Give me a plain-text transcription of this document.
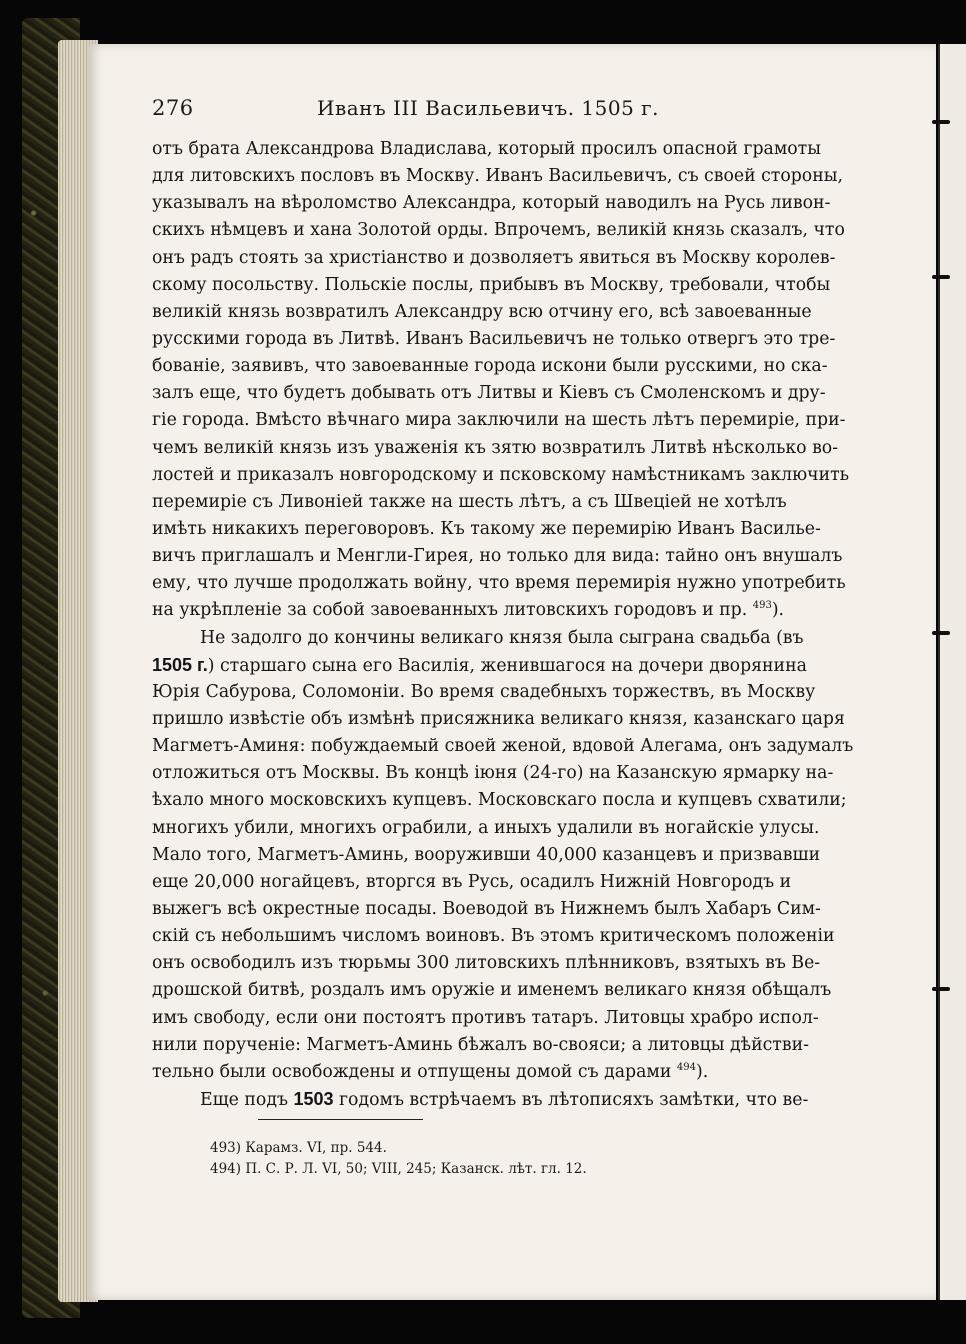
276	Иванъ III Васильевичъ. 1505 г.
отъ брата Александрова Владислава, который просилъ опасной грамоты
для литовскихъ пословъ въ Москву. Иванъ Васильевичъ, съ своей стороны,
указывалъ на вѣроломство Александра, который наводилъ на Русь ливон-
скихъ нѣмцевъ и хана Золотой орды. Впрочемъ, великій князь сказалъ, что
онъ радъ стоять за христіанство и дозволяетъ явиться въ Москву королев-
скому посольству. Польскіе послы, прибывъ въ Москву, требовали, чтобы
великій князь возвратилъ Александру всю отчину его, всѣ завоеванные
русскими города въ Литвѣ. Иванъ Васильевичъ не только отвергъ это тре-
бованіе, заявивъ, что завоеванные города искони были русскими, но ска-
залъ еще, что будетъ добывать отъ Литвы и Кіевъ съ Смоленскомъ и дру-
гіе города. Вмѣсто вѣчнаго мира заключили на шесть лѣтъ перемиріе, при-
чемъ великій князь изъ уваженія къ зятю возвратилъ Литвѣ нѣсколько во-
лостей и приказалъ новгородскому и псковскому намѣстникамъ заключить
перемиріе съ Ливоніей также на шесть лѣтъ, а съ Швеціей не хотѣлъ
имѣть никакихъ переговоровъ. Къ такому же перемирію Иванъ Василье-
вичъ приглашалъ и Менгли-Гирея, но только для вида: тайно онъ внушалъ
ему, что лучше продолжать войну, что время перемирія нужно употребить
на укрѣпленіе за собой завоеванныхъ литовскихъ городовъ и пр. $^{493}$).
Не задолго до кончины великаго князя была сыграна свадьба (въ
1505 г.) старшаго сына его Василія, женившагося на дочери дворянина
Юрія Сабурова, Соломоніи. Во время свадебныхъ торжествъ, въ Москву
пришло извѣстіе объ измѣнѣ присяжника великаго князя, казанскаго царя
Магметъ-Аминя: побуждаемый своей женой, вдовой Алегама, онъ задумалъ
отложиться отъ Москвы. Въ концѣ іюня (24-го) на Казанскую ярмарку на-
ѣхало много московскихъ купцевъ. Московскаго посла и купцевъ схватили;
многихъ убили, многихъ ограбили, а иныхъ удалили въ ногайскіе улусы.
Мало того, Магметъ-Аминь, вооруживши 40,000 казанцевъ и призвавши
еще 20,000 ногайцевъ, вторгся въ Русь, осадилъ Нижній Новгородъ и
выжегъ всѣ окрестные посады. Воеводой въ Нижнемъ былъ Хабаръ Сим-
скій съ небольшимъ числомъ воиновъ. Въ этомъ критическомъ положеніи
онъ освободилъ изъ тюрьмы 300 литовскихъ плѣнниковъ, взятыхъ въ Ве-
дрошской битвѣ, роздалъ имъ оружіе и именемъ великаго князя обѣщалъ
имъ свободу, если они постоятъ противъ татаръ. Литовцы храбро испол-
нили порученіе: Магметъ-Аминь бѣжалъ во-свояси; а литовцы дѣйстви-
тельно были освобождены и отпущены домой съ дарами $^{494}$).
Еще подъ 1503 годомъ встрѣчаемъ въ лѣтописяхъ замѣтки, что ве-
493) Карамз. VI, пр. 544.
494) П. С. Р. Л. VI, 50; VIII, 245; Казанск. лѣт. гл. 12.
